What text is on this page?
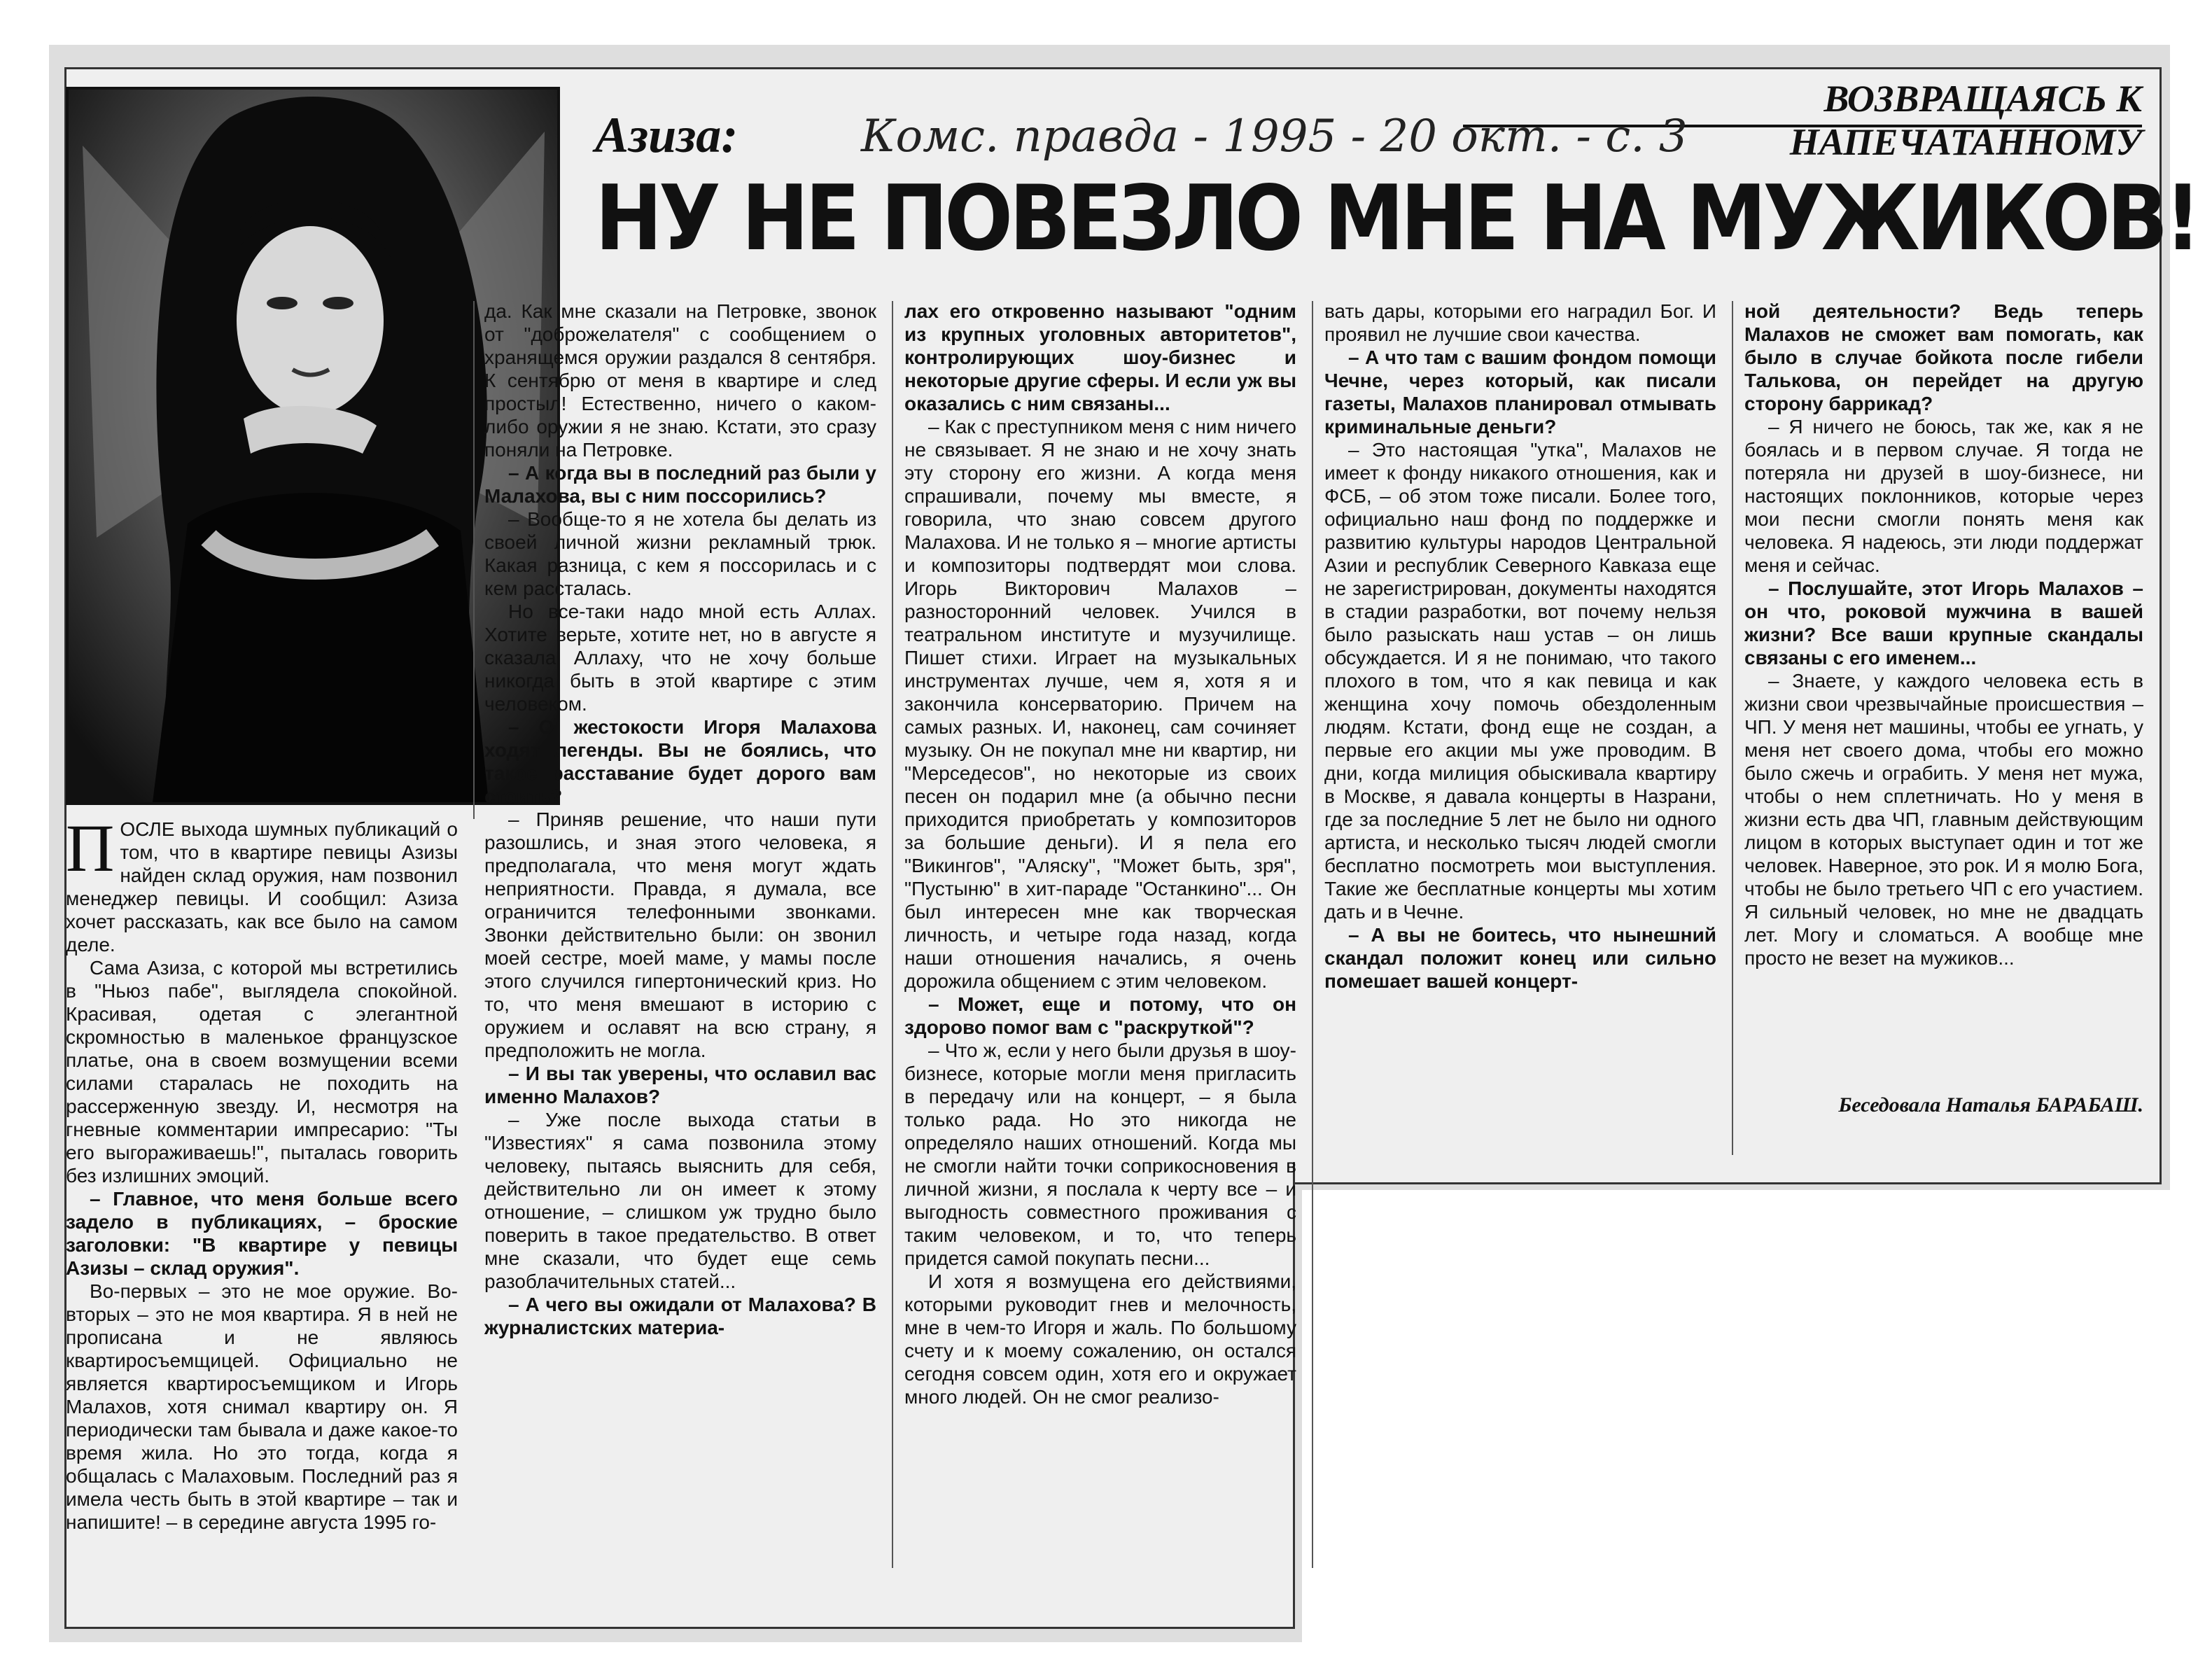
ВОЗВРАЩАЯСЬ К НАПЕЧАТАННОМУ
Азиза:	Комс. правда - 1995 - 20 окт. - с. 3
НУ НЕ ПОВЕЗЛО МНЕ НА МУЖИКОВ!

ПОСЛЕ выхода шумных публикаций о том, что в квартире певицы Азизы найден склад оружия, нам позвонил менеджер певицы. И сообщил: Азиза хочет рассказать, как все было на самом деле.

Сама Азиза, с которой мы встретились в "Ньюз пабе", выглядела спокойной. Красивая, одетая с элегантной скромностью в маленькое французское платье, она в своем возмущении всеми силами старалась не походить на рассерженную звезду. И, несмотря на гневные комментарии импресарио: "Ты его выгораживаешь!", пыталась говорить без излишних эмоций.

– Главное, что меня больше всего задело в публикациях, – броские заголовки: "В квартире у певицы Азизы – склад оружия".

Во-первых – это не мое оружие. Во-вторых – это не моя квартира. Я в ней не прописана и не являюсь квартиросъемщицей. Официально не является квартиросъемщиком и Игорь Малахов, хотя снимал квартиру он. Я периодически там бывала и даже какое-то время жила. Но это тогда, когда я общалась с Малаховым. Последний раз я имела честь быть в этой квартире – так и напишите! – в середине августа 1995 го-

да. Как мне сказали на Петровке, звонок от "доброжелателя" с сообщением о хранящемся оружии раздался 8 сентября. К сентябрю от меня в квартире и след простыл! Естественно, ничего о каком-либо оружии я не знаю. Кстати, это сразу поняли на Петровке.

– А когда вы в последний раз были у Малахова, вы с ним поссорились?

– Вообще-то я не хотела бы делать из своей личной жизни рекламный трюк. Какая разница, с кем я поссорилась и с кем рассталась.

Но все-таки надо мной есть Аллах. Хотите верьте, хотите нет, но в августе я сказала Аллаху, что не хочу больше никогда быть в этой квартире с этим человеком.

– О жестокости Игоря Малахова ходят легенды. Вы не боялись, что такое расставание будет дорого вам стоить?

– Приняв решение, что наши пути разошлись, и зная этого человека, я предполагала, что меня могут ждать неприятности. Правда, я думала, все ограничится телефонными звонками. Звонки действительно были: он звонил моей сестре, моей маме, у мамы после этого случился гипертонический криз. Но то, что меня вмешают в историю с оружием и ославят на всю страну, я предположить не могла.

– И вы так уверены, что ославил вас именно Малахов?

– Уже после выхода статьи в "Известиях" я сама позвонила этому человеку, пытаясь выяснить для себя, действительно ли он имеет к этому отношение, – слишком уж трудно было поверить в такое предательство. В ответ мне сказали, что будет еще семь разоблачительных статей...

– А чего вы ожидали от Малахова? В журналистских материа-

лах его откровенно называют "одним из крупных уголовных авторитетов", контролирующих шоу-бизнес и некоторые другие сферы. И если уж вы оказались с ним связаны...

– Как с преступником меня с ним ничего не связывает. Я не знаю и не хочу знать эту сторону его жизни. А когда меня спрашивали, почему мы вместе, я говорила, что знаю совсем другого Малахова. И не только я – многие артисты и композиторы подтвердят мои слова. Игорь Викторович Малахов – разносторонний человек. Учился в театральном институте и музучилище. Пишет стихи. Играет на музыкальных инструментах лучше, чем я, хотя я и закончила консерваторию. Причем на самых разных. И, наконец, сам сочиняет музыку. Он не покупал мне ни квартир, ни "Мерседесов", но некоторые из своих песен он подарил мне (а обычно песни приходится приобретать у композиторов за большие деньги). И я пела его "Викингов", "Аляску", "Может быть, зря", "Пустыню" в хит-параде "Останкино"... Он был интересен мне как творческая личность, и четыре года назад, когда наши отношения начались, я очень дорожила общением с этим человеком.

– Может, еще и потому, что он здорово помог вам с "раскруткой"?

– Что ж, если у него были друзья в шоу-бизнесе, которые могли меня пригласить в передачу или на концерт, – я была только рада. Но это никогда не определяло наших отношений. Когда мы не смогли найти точки соприкосновения в личной жизни, я послала к черту все – и выгодность совместного проживания с таким человеком, и то, что теперь придется самой покупать песни...

И хотя я возмущена его действиями, которыми руководит гнев и мелочность, мне в чем-то Игоря и жаль. По большому счету и к моему сожалению, он остался сегодня совсем один, хотя его и окружает много людей. Он не смог реализо-

вать дары, которыми его наградил Бог. И проявил не лучшие свои качества.

– А что там с вашим фондом помощи Чечне, через который, как писали газеты, Малахов планировал отмывать криминальные деньги?

– Это настоящая "утка", Малахов не имеет к фонду никакого отношения, как и ФСБ, – об этом тоже писали. Более того, официально наш фонд по поддержке и развитию культуры народов Центральной Азии и республик Северного Кавказа еще не зарегистрирован, документы находятся в стадии разработки, вот почему нельзя было разыскать наш устав – он лишь обсуждается. И я не понимаю, что такого плохого в том, что я как певица и как женщина хочу помочь обездоленным людям. Кстати, фонд еще не создан, а первые его акции мы уже проводим. В дни, когда милиция обыскивала квартиру в Москве, я давала концерты в Назрани, где за последние 5 лет не было ни одного артиста, и несколько тысяч людей смогли бесплатно посмотреть мои выступления. Такие же бесплатные концерты мы хотим дать и в Чечне.

– А вы не боитесь, что нынешний скандал положит конец или сильно помешает вашей концерт-

ной деятельности? Ведь теперь Малахов не сможет вам помогать, как было в случае бойкота после гибели Талькова, он перейдет на другую сторону баррикад?

– Я ничего не боюсь, так же, как я не боялась и в первом случае. Я тогда не потеряла ни друзей в шоу-бизнесе, ни настоящих поклонников, которые через мои песни смогли понять меня как человека. Я надеюсь, эти люди поддержат меня и сейчас.

– Послушайте, этот Игорь Малахов – он что, роковой мужчина в вашей жизни? Все ваши крупные скандалы связаны с его именем...

– Знаете, у каждого человека есть в жизни свои чрезвычайные происшествия – ЧП. У меня нет машины, чтобы ее угнать, у меня нет своего дома, чтобы его можно было сжечь и ограбить. У меня нет мужа, чтобы о нем сплетничать. Но у меня в жизни есть два ЧП, главным действующим лицом в которых выступает один и тот же человек. Наверное, это рок. И я молю Бога, чтобы не было третьего ЧП с его участием. Я сильный человек, но мне не двадцать лет. Могу и сломаться. А вообще мне просто не везет на мужиков...

Беседовала Наталья БАРАБАШ.
